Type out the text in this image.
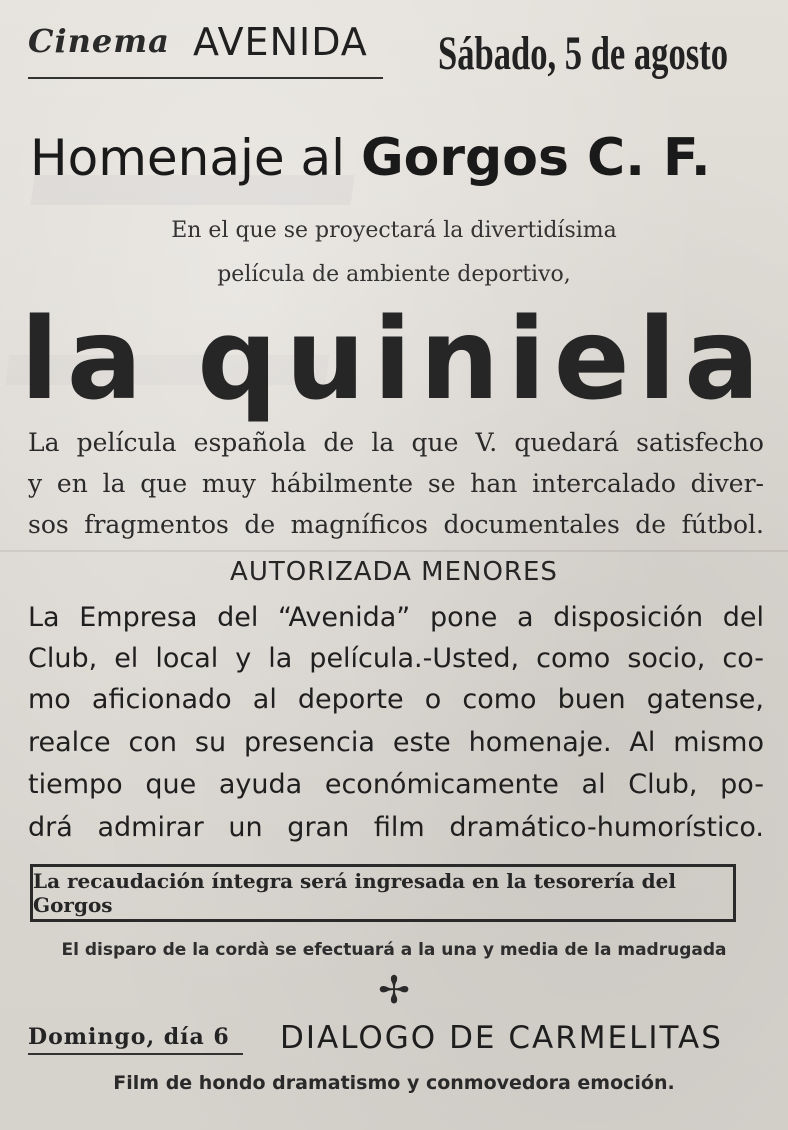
Cinema AVENIDA Sábado, 5 de agosto
Homenaje al Gorgos C. F.
En el que se proyectará la divertidísima
película de ambiente deportivo,
la quiniela
La película española de la que V. quedará satisfecho
y en la que muy hábilmente se han intercalado diver-
sos fragmentos de magníficos documentales de fútbol.
AUTORIZADA MENORES
La Empresa del “Avenida” pone a disposición del
Club, el local y la película.-Usted, como socio, co-
mo aficionado al deporte o como buen gatense,
realce con su presencia este homenaje. Al mismo
tiempo que ayuda económicamente al Club, po-
drá admirar un gran film dramático-humorístico.
La recaudación íntegra será ingresada en la tesorería del Gorgos
El disparo de la cordà se efectuará a la una y media de la madrugada
✢
Domingo, día 6 DIALOGO DE CARMELITAS
Film de hondo dramatismo y conmovedora emoción.
